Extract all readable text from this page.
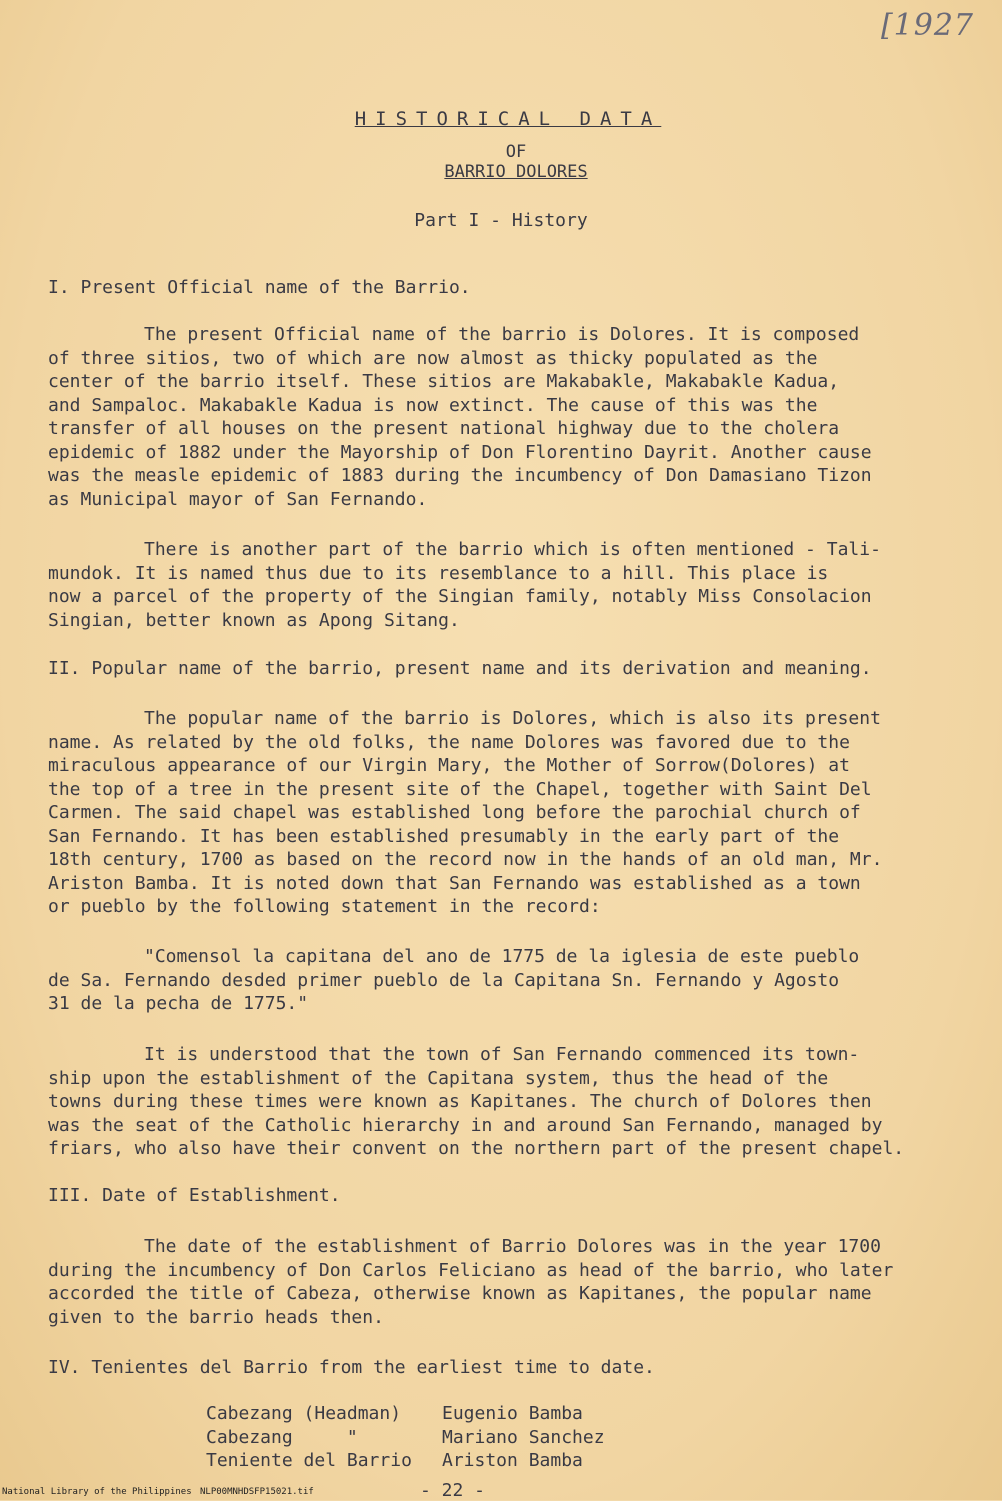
[1927
HISTORICAL DATA
OF
BARRIO DOLORES
Part I - History
I. Present Official name of the Barrio.

The present Official name of the barrio is Dolores. It is composed
of three sitios, two of which are now almost as thicky populated as the
center of the barrio itself. These sitios are Makabakle, Makabakle Kadua,
and Sampaloc. Makabakle Kadua is now extinct. The cause of this was the
transfer of all houses on the present national highway due to the cholera
epidemic of 1882 under the Mayorship of Don Florentino Dayrit. Another cause
was the measle epidemic of 1883 during the incumbency of Don Damasiano Tizon
as Municipal mayor of San Fernando.

There is another part of the barrio which is often mentioned - Tali-
mundok. It is named thus due to its resemblance to a hill. This place is
now a parcel of the property of the Singian family, notably Miss Consolacion
Singian, better known as Apong Sitang.

II. Popular name of the barrio, present name and its derivation and meaning.

The popular name of the barrio is Dolores, which is also its present
name. As related by the old folks, the name Dolores was favored due to the
miraculous appearance of our Virgin Mary, the Mother of Sorrow(Dolores) at
the top of a tree in the present site of the Chapel, together with Saint Del
Carmen. The said chapel was established long before the parochial church of
San Fernando. It has been established presumably in the early part of the
18th century, 1700 as based on the record now in the hands of an old man, Mr.
Ariston Bamba. It is noted down that San Fernando was established as a town
or pueblo by the following statement in the record:

"Comensol la capitana del ano de 1775 de la iglesia de este pueblo
de Sa. Fernando desded primer pueblo de la Capitana Sn. Fernando y Agosto
31 de la pecha de 1775."

It is understood that the town of San Fernando commenced its town-
ship upon the establishment of the Capitana system, thus the head of the
towns during these times were known as Kapitanes. The church of Dolores then
was the seat of the Catholic hierarchy in and around San Fernando, managed by
friars, who also have their convent on the northern part of the present chapel.

III. Date of Establishment.

The date of the establishment of Barrio Dolores was in the year 1700
during the incumbency of Don Carlos Feliciano as head of the barrio, who later
accorded the title of Cabeza, otherwise known as Kapitanes, the popular name
given to the barrio heads then.

IV. Tenientes del Barrio from the earliest time to date.
Cabezang (Headman)	Eugenio Bamba
Cabezang     "	Mariano Sanchez
Teniente del Barrio	Ariston Bamba
- 22 -
National Library of the Philippines NLP00MNHDSFP15021.tif
